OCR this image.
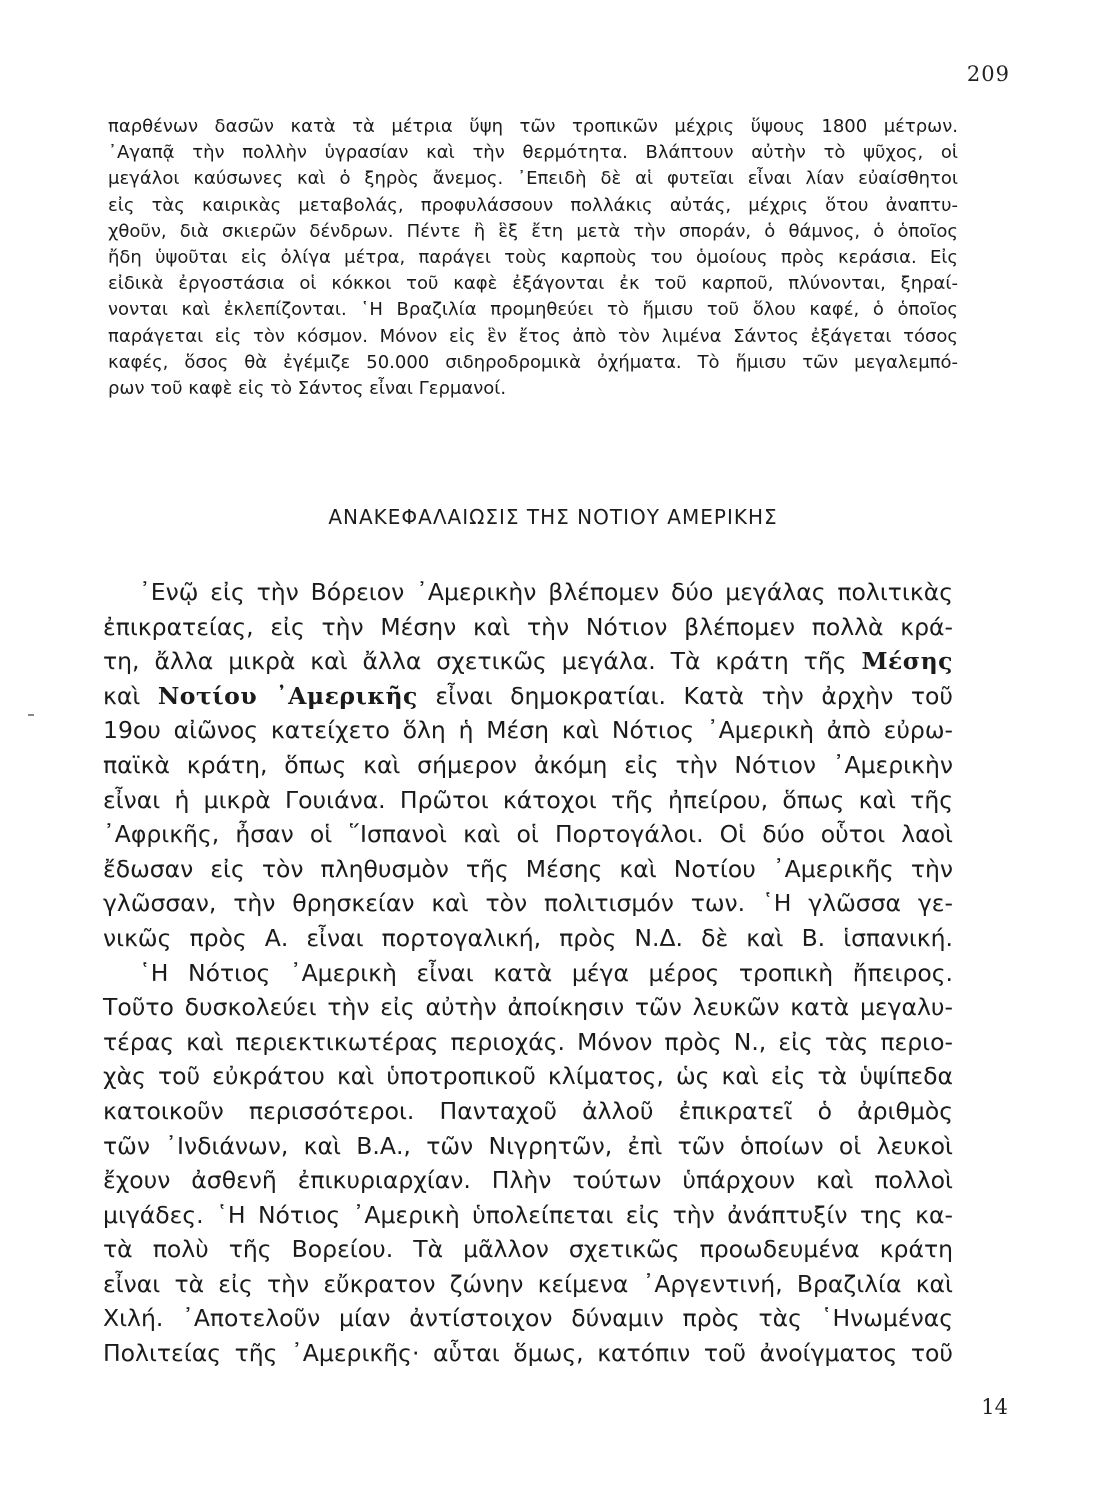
209
παρθένων δασῶν κατὰ τὰ μέτρια ὕψη τῶν τροπικῶν μέχρις ὕψους 1800 μέτρων.
᾿Αγαπᾷ τὴν πολλὴν ὑγρασίαν καὶ τὴν θερμότητα. Βλάπτουν αὐτὴν τὸ ψῦχος, οἱ
μεγάλοι καύσωνες καὶ ὁ ξηρὸς ἄνεμος. ᾿Επειδὴ δὲ αἱ φυτεῖαι εἶναι λίαν εὐαίσθητοι
εἰς τὰς καιρικὰς μεταβολάς, προφυλάσσουν πολλάκις αὐτάς, μέχρις ὅτου ἀναπτυ-
χθοῦν, διὰ σκιερῶν δένδρων. Πέντε ἢ ἓξ ἔτη μετὰ τὴν σποράν, ὁ θάμνος, ὁ ὁποῖος
ἤδη ὑψοῦται εἰς ὀλίγα μέτρα, παράγει τοὺς καρποὺς του ὁμοίους πρὸς κεράσια. Εἰς
εἰδικὰ ἐργοστάσια οἱ κόκκοι τοῦ καφὲ ἐξάγονται ἐκ τοῦ καρποῦ, πλύνονται, ξηραί-
νονται καὶ ἐκλεπίζονται. ῾Η Βραζιλία προμηθεύει τὸ ἥμισυ τοῦ ὅλου καφέ, ὁ ὁποῖος
παράγεται εἰς τὸν κόσμον. Μόνον εἰς ἓν ἔτος ἀπὸ τὸν λιμένα Σάντος ἐξάγεται τόσος
καφές, ὅσος θὰ ἐγέμιζε 50.000 σιδηροδρομικὰ ὀχήματα. Τὸ ἥμισυ τῶν μεγαλεμπό-
ρων τοῦ καφὲ εἰς τὸ Σάντος εἶναι Γερμανοί.
ΑΝΑΚΕΦΑΛΑΙΩΣΙΣ ΤΗΣ ΝΟΤΙΟΥ ΑΜΕΡΙΚΗΣ
᾿Ενῷ εἰς τὴν Βόρειον ᾿Αμερικὴν βλέπομεν δύο μεγάλας πολιτικὰς
ἐπικρατείας, εἰς τὴν Μέσην καὶ τὴν Νότιον βλέπομεν πολλὰ κρά-
τη, ἄλλα μικρὰ καὶ ἄλλα σχετικῶς μεγάλα. Τὰ κράτη τῆς Μέσης
καὶ Νοτίου ᾿Αμερικῆς εἶναι δημοκρατίαι. Κατὰ τὴν ἀρχὴν τοῦ
19ου αἰῶνος κατείχετο ὅλη ἡ Μέση καὶ Νότιος ᾿Αμερικὴ ἀπὸ εὐρω-
παϊκὰ κράτη, ὅπως καὶ σήμερον ἀκόμη εἰς τὴν Νότιον ᾿Αμερικὴν
εἶναι ἡ μικρὰ Γουιάνα. Πρῶτοι κάτοχοι τῆς ἠπείρου, ὅπως καὶ τῆς
᾿Αφρικῆς, ἦσαν οἱ ῞Ισπανοὶ καὶ οἱ Πορτογάλοι. Οἱ δύο οὗτοι λαοὶ
ἔδωσαν εἰς τὸν πληθυσμὸν τῆς Μέσης καὶ Νοτίου ᾿Αμερικῆς τὴν
γλῶσσαν, τὴν θρησκείαν καὶ τὸν πολιτισμόν των. ῾Η γλῶσσα γε-
νικῶς πρὸς Α. εἶναι πορτογαλική, πρὸς Ν.Δ. δὲ καὶ Β. ἱσπανική.
῾Η Νότιος ᾿Αμερικὴ εἶναι κατὰ μέγα μέρος τροπικὴ ἤπειρος.
Τοῦτο δυσκολεύει τὴν εἰς αὐτὴν ἀποίκησιν τῶν λευκῶν κατὰ μεγαλυ-
τέρας καὶ περιεκτικωτέρας περιοχάς. Μόνον πρὸς Ν., εἰς τὰς περιο-
χὰς τοῦ εὐκράτου καὶ ὑποτροπικοῦ κλίματος, ὡς καὶ εἰς τὰ ὑψίπεδα
κατοικοῦν περισσότεροι. Πανταχοῦ ἀλλοῦ ἐπικρατεῖ ὁ ἀριθμὸς
τῶν ᾿Ινδιάνων, καὶ Β.Α., τῶν Νιγρητῶν, ἐπὶ τῶν ὁποίων οἱ λευκοὶ
ἔχουν ἀσθενῆ ἐπικυριαρχίαν. Πλὴν τούτων ὑπάρχουν καὶ πολλοὶ
μιγάδες. ῾Η Νότιος ᾿Αμερικὴ ὑπολείπεται εἰς τὴν ἀνάπτυξίν της κα-
τὰ πολὺ τῆς Βορείου. Τὰ μᾶλλον σχετικῶς προωδευμένα κράτη
εἶναι τὰ εἰς τὴν εὔκρατον ζώνην κείμενα ᾿Αργεντινή, Βραζιλία καὶ
Χιλή. ᾿Αποτελοῦν μίαν ἀντίστοιχον δύναμιν πρὸς τὰς ῾Ηνωμένας
Πολιτείας τῆς ᾿Αμερικῆς· αὗται ὅμως, κατόπιν τοῦ ἀνοίγματος τοῦ
14
